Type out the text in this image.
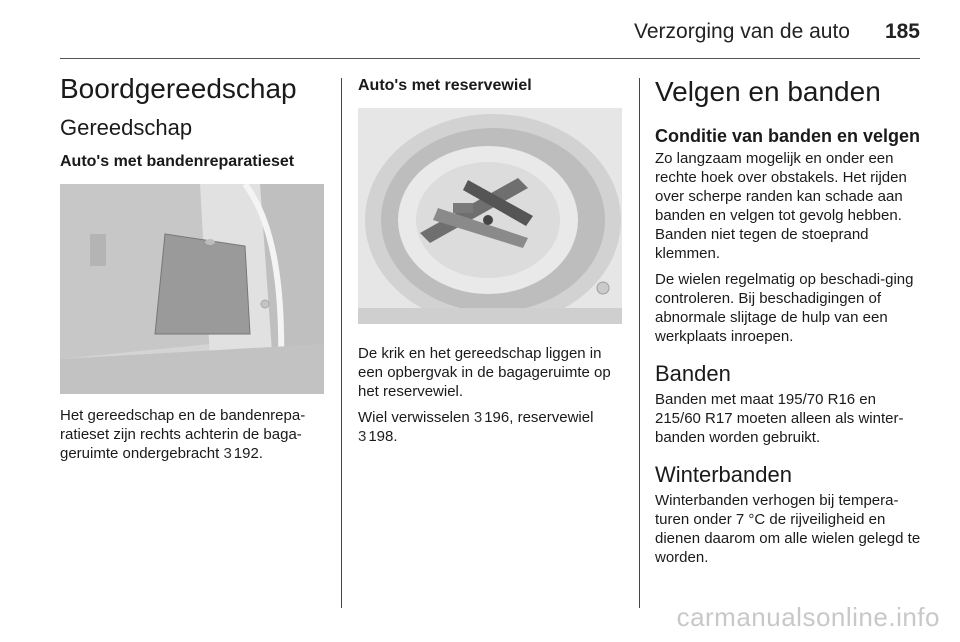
Verzorging van de auto	185
Boordgereedschap
Gereedschap
Auto's met bandenreparatieset

Het gereedschap en de bandenrepa-ratieset zijn rechts achterin de baga-geruimte ondergebracht 3 192.

Auto's met reservewiel

De krik en het gereedschap liggen in een opbergvak in de bagageruimte op het reservewiel.

Wiel verwisselen 3 196, reservewiel
3 198.

Velgen en banden
Conditie van banden en velgen

Zo langzaam mogelijk en onder een rechte hoek over obstakels. Het rijden over scherpe randen kan schade aan banden en velgen tot gevolg hebben. Banden niet tegen de stoeprand klemmen.

De wielen regelmatig op beschadi-ging controleren. Bij beschadigingen of abnormale slijtage de hulp van een werkplaats inroepen.

Banden

Banden met maat 195/70 R16 en 215/60 R17 moeten alleen als winter-banden worden gebruikt.

Winterbanden

Winterbanden verhogen bij tempera-turen onder 7 °C de rijveiligheid en dienen daarom om alle wielen gelegd te worden.

carmanualsonline.info
